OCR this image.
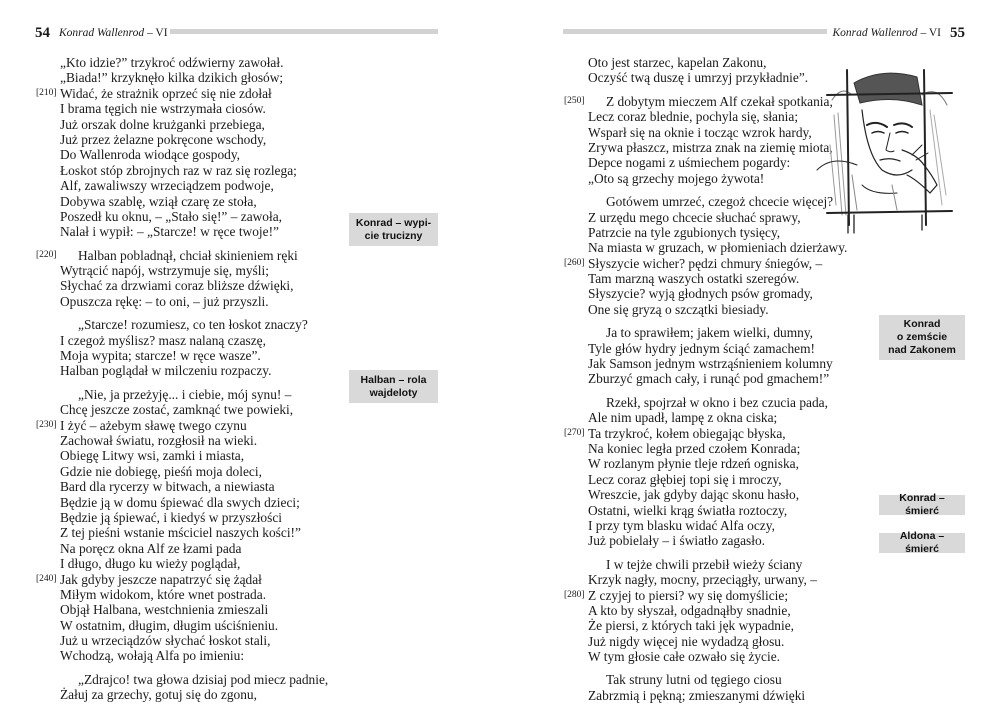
54 Konrad Wallenrod – VI
„Kto idzie?” trzykroć odźwierny zawołał.
„Biada!” krzyknęło kilka dzikich głosów;
Widać, że strażnik oprzeć się nie zdołał
[210]
I brama tęgich nie wstrzymała ciosów.
Już orszak dolne krużganki przebiega,
Już przez żelazne pokręcone wschody,
Do Wallenroda wiodące gospody,
Łoskot stóp zbrojnych raz w raz się rozlega;
Alf, zawaliwszy wrzeciądzem podwoje,
Dobywa szablę, wziął czarę ze stoła,
Poszedł ku oknu, – „Stało się!” – zawoła,
Nalał i wypił: – „Starcze! w ręce twoje!”
Halban pobladnął, chciał skinieniem ręki
[220]
Wytrącić napój, wstrzymuje się, myśli;
Słychać za drzwiami coraz bliższe dźwięki,
Opuszcza rękę: – to oni, – już przyszli.
„Starcze! rozumiesz, co ten łoskot znaczy?
I czegoż myślisz? masz nalaną czaszę,
Moja wypita; starcze! w ręce wasze”.
Halban poglądał w milczeniu rozpaczy.
„Nie, ja przeżyję... i ciebie, mój synu! –
Chcę jeszcze zostać, zamknąć twe powieki,
I żyć – ażebym sławę twego czynu
[230]
Zachował światu, rozgłosił na wieki.
Obiegę Litwy wsi, zamki i miasta,
Gdzie nie dobiegę, pieśń moja doleci,
Bard dla rycerzy w bitwach, a niewiasta
Będzie ją w domu śpiewać dla swych dzieci;
Będzie ją śpiewać, i kiedyś w przyszłości
Z tej pieśni wstanie mściciel naszych kości!”
Na poręcz okna Alf ze łzami pada
I długo, długo ku wieży poglądał,
Jak gdyby jeszcze napatrzyć się żądał
[240]
Miłym widokom, które wnet postrada.
Objął Halbana, westchnienia zmieszali
W ostatnim, długim, długim uściśnieniu.
Już u wrzeciądzów słychać łoskot stali,
Wchodzą, wołają Alfa po imieniu:
„Zdrajco! twa głowa dzisiaj pod miecz padnie,
Żałuj za grzechy, gotuj się do zgonu,
Konrad – wypi-
cie trucizny
Halban – rola
wajdeloty
Konrad Wallenrod – VI 55
Oto jest starzec, kapelan Zakonu,
Oczyść twą duszę i umrzyj przykładnie”.
Z dobytym mieczem Alf czekał spotkania,
[250]
Lecz coraz blednie, pochyla się, słania;
Wsparł się na oknie i tocząc wzrok hardy,
Zrywa płaszcz, mistrza znak na ziemię miota,
Depce nogami z uśmiechem pogardy:
„Oto są grzechy mojego żywota!
Gotówem umrzeć, czegoż chcecie więcej?
Z urzędu mego chcecie słuchać sprawy,
Patrzcie na tyle zgubionych tysięcy,
Na miasta w gruzach, w płomieniach dzierżawy.
Słyszycie wicher? pędzi chmury śniegów, –
[260]
Tam marzną waszych ostatki szeregów.
Słyszycie? wyją głodnych psów gromady,
One się gryzą o szczątki biesiady.
Ja to sprawiłem; jakem wielki, dumny,
Tyle głów hydry jednym ściąć zamachem!
Jak Samson jednym wstrząśnieniem kolumny
Zburzyć gmach cały, i runąć pod gmachem!”
Rzekł, spojrzał w okno i bez czucia pada,
Ale nim upadł, lampę z okna ciska;
Ta trzykroć, kołem obiegając błyska,
[270]
Na koniec legła przed czołem Konrada;
W rozlanym płynie tleje rdzeń ogniska,
Lecz coraz głębiej topi się i mroczy,
Wreszcie, jak gdyby dając skonu hasło,
Ostatni, wielki krąg światła roztoczy,
I przy tym blasku widać Alfa oczy,
Już pobielały – i światło zagasło.
I w tejże chwili przebił wieży ściany
Krzyk nagły, mocny, przeciągły, urwany, –
Z czyjej to piersi? wy się domyślicie;
[280]
A kto by słyszał, odgadnąłby snadnie,
Że piersi, z których taki jęk wypadnie,
Już nigdy więcej nie wydadzą głosu.
W tym głosie całe ozwało się życie.
Tak struny lutni od tęgiego ciosu
Zabrzmią i pękną; zmieszanymi dźwięki
Konrad
o zemście
nad Zakonem
Konrad – śmierć
Aldona – śmierć
